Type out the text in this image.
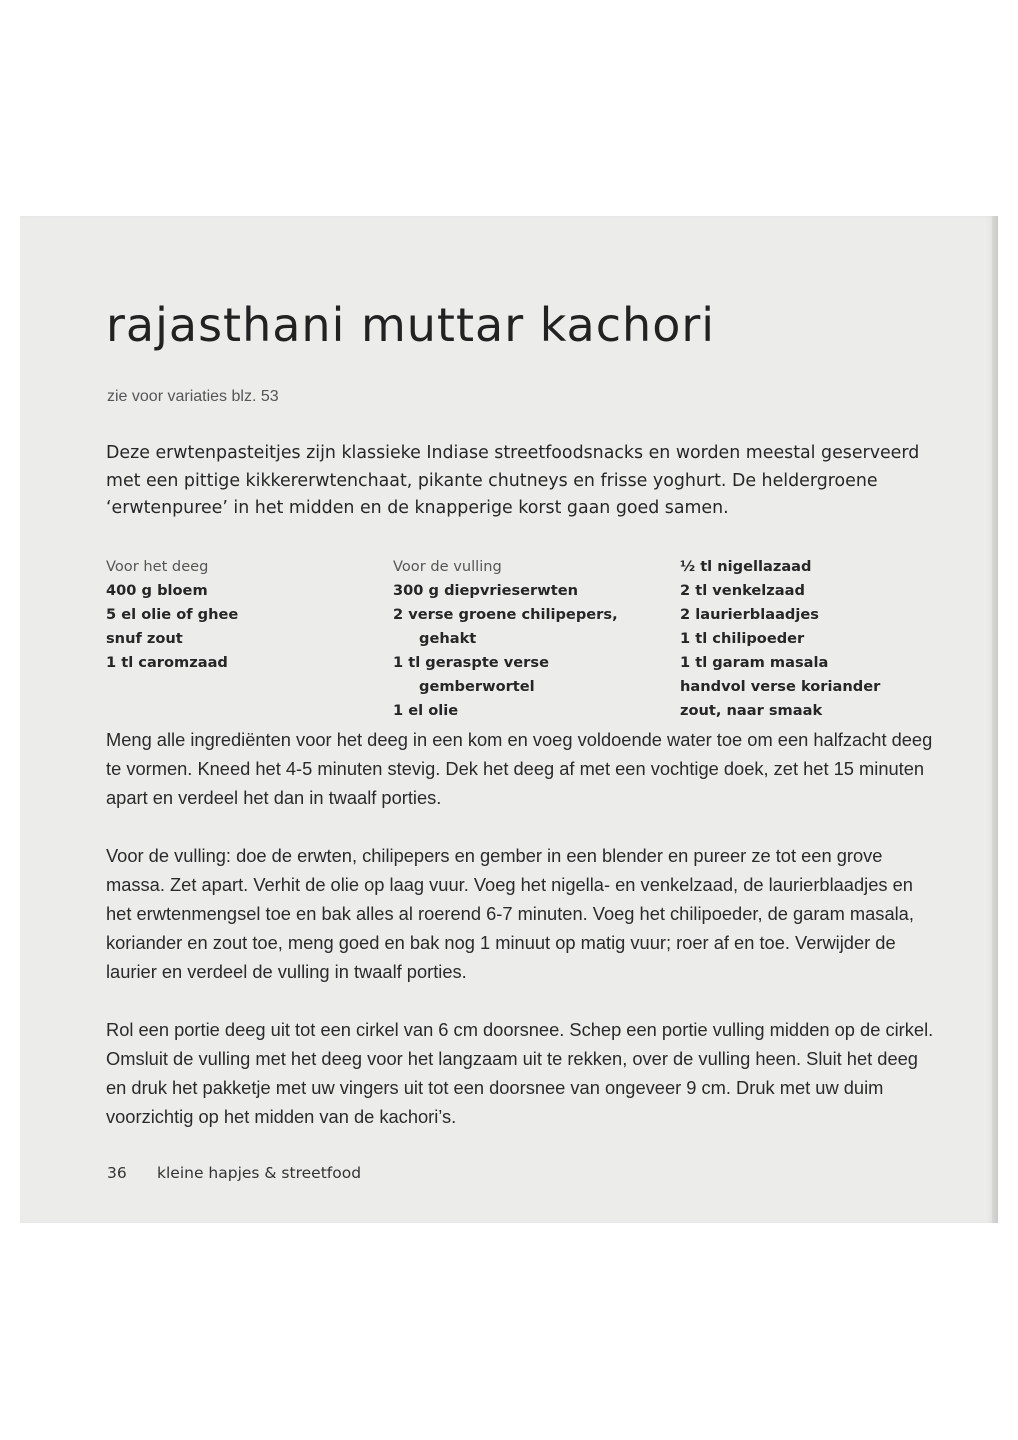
rajasthani muttar kachori
zie voor variaties blz. 53

Deze erwtenpasteitjes zijn klassieke Indiase streetfoodsnacks en worden meestal geserveerd met een pittige kikkererwtenchaat, pikante chutneys en frisse yoghurt. De heldergroene ‘erwtenpuree’ in het midden en de knapperige korst gaan goed samen.

Voor het deeg
400 g bloem
5 el olie of ghee
snuf zout
1 tl caromzaad
Voor de vulling
300 g diepvrieserwten
2 verse groene chilipepers, gehakt
1 tl geraspte verse gemberwortel
1 el olie
½ tl nigellazaad
2 tl venkelzaad
2 laurierblaadjes
1 tl chilipoeder
1 tl garam masala
handvol verse koriander
zout, naar smaak

Meng alle ingrediënten voor het deeg in een kom en voeg voldoende water toe om een halfzacht deeg te vormen. Kneed het 4-5 minuten stevig. Dek het deeg af met een vochtige doek, zet het 15 minuten apart en verdeel het dan in twaalf porties.

Voor de vulling: doe de erwten, chilipepers en gember in een blender en pureer ze tot een grove massa. Zet apart. Verhit de olie op laag vuur. Voeg het nigella- en venkelzaad, de laurierblaadjes en het erwtenmengsel toe en bak alles al roerend 6-7 minuten. Voeg het chilipoeder, de garam masala, koriander en zout toe, meng goed en bak nog 1 minuut op matig vuur; roer af en toe. Verwijder de laurier en verdeel de vulling in twaalf porties.

Rol een portie deeg uit tot een cirkel van 6 cm doorsnee. Schep een portie vulling midden op de cirkel. Omsluit de vulling met het deeg voor het langzaam uit te rekken, over de vulling heen. Sluit het deeg en druk het pakketje met uw vingers uit tot een doorsnee van ongeveer 9 cm. Druk met uw duim voorzichtig op het midden van de kachori’s.

36 kleine hapjes & streetfood
